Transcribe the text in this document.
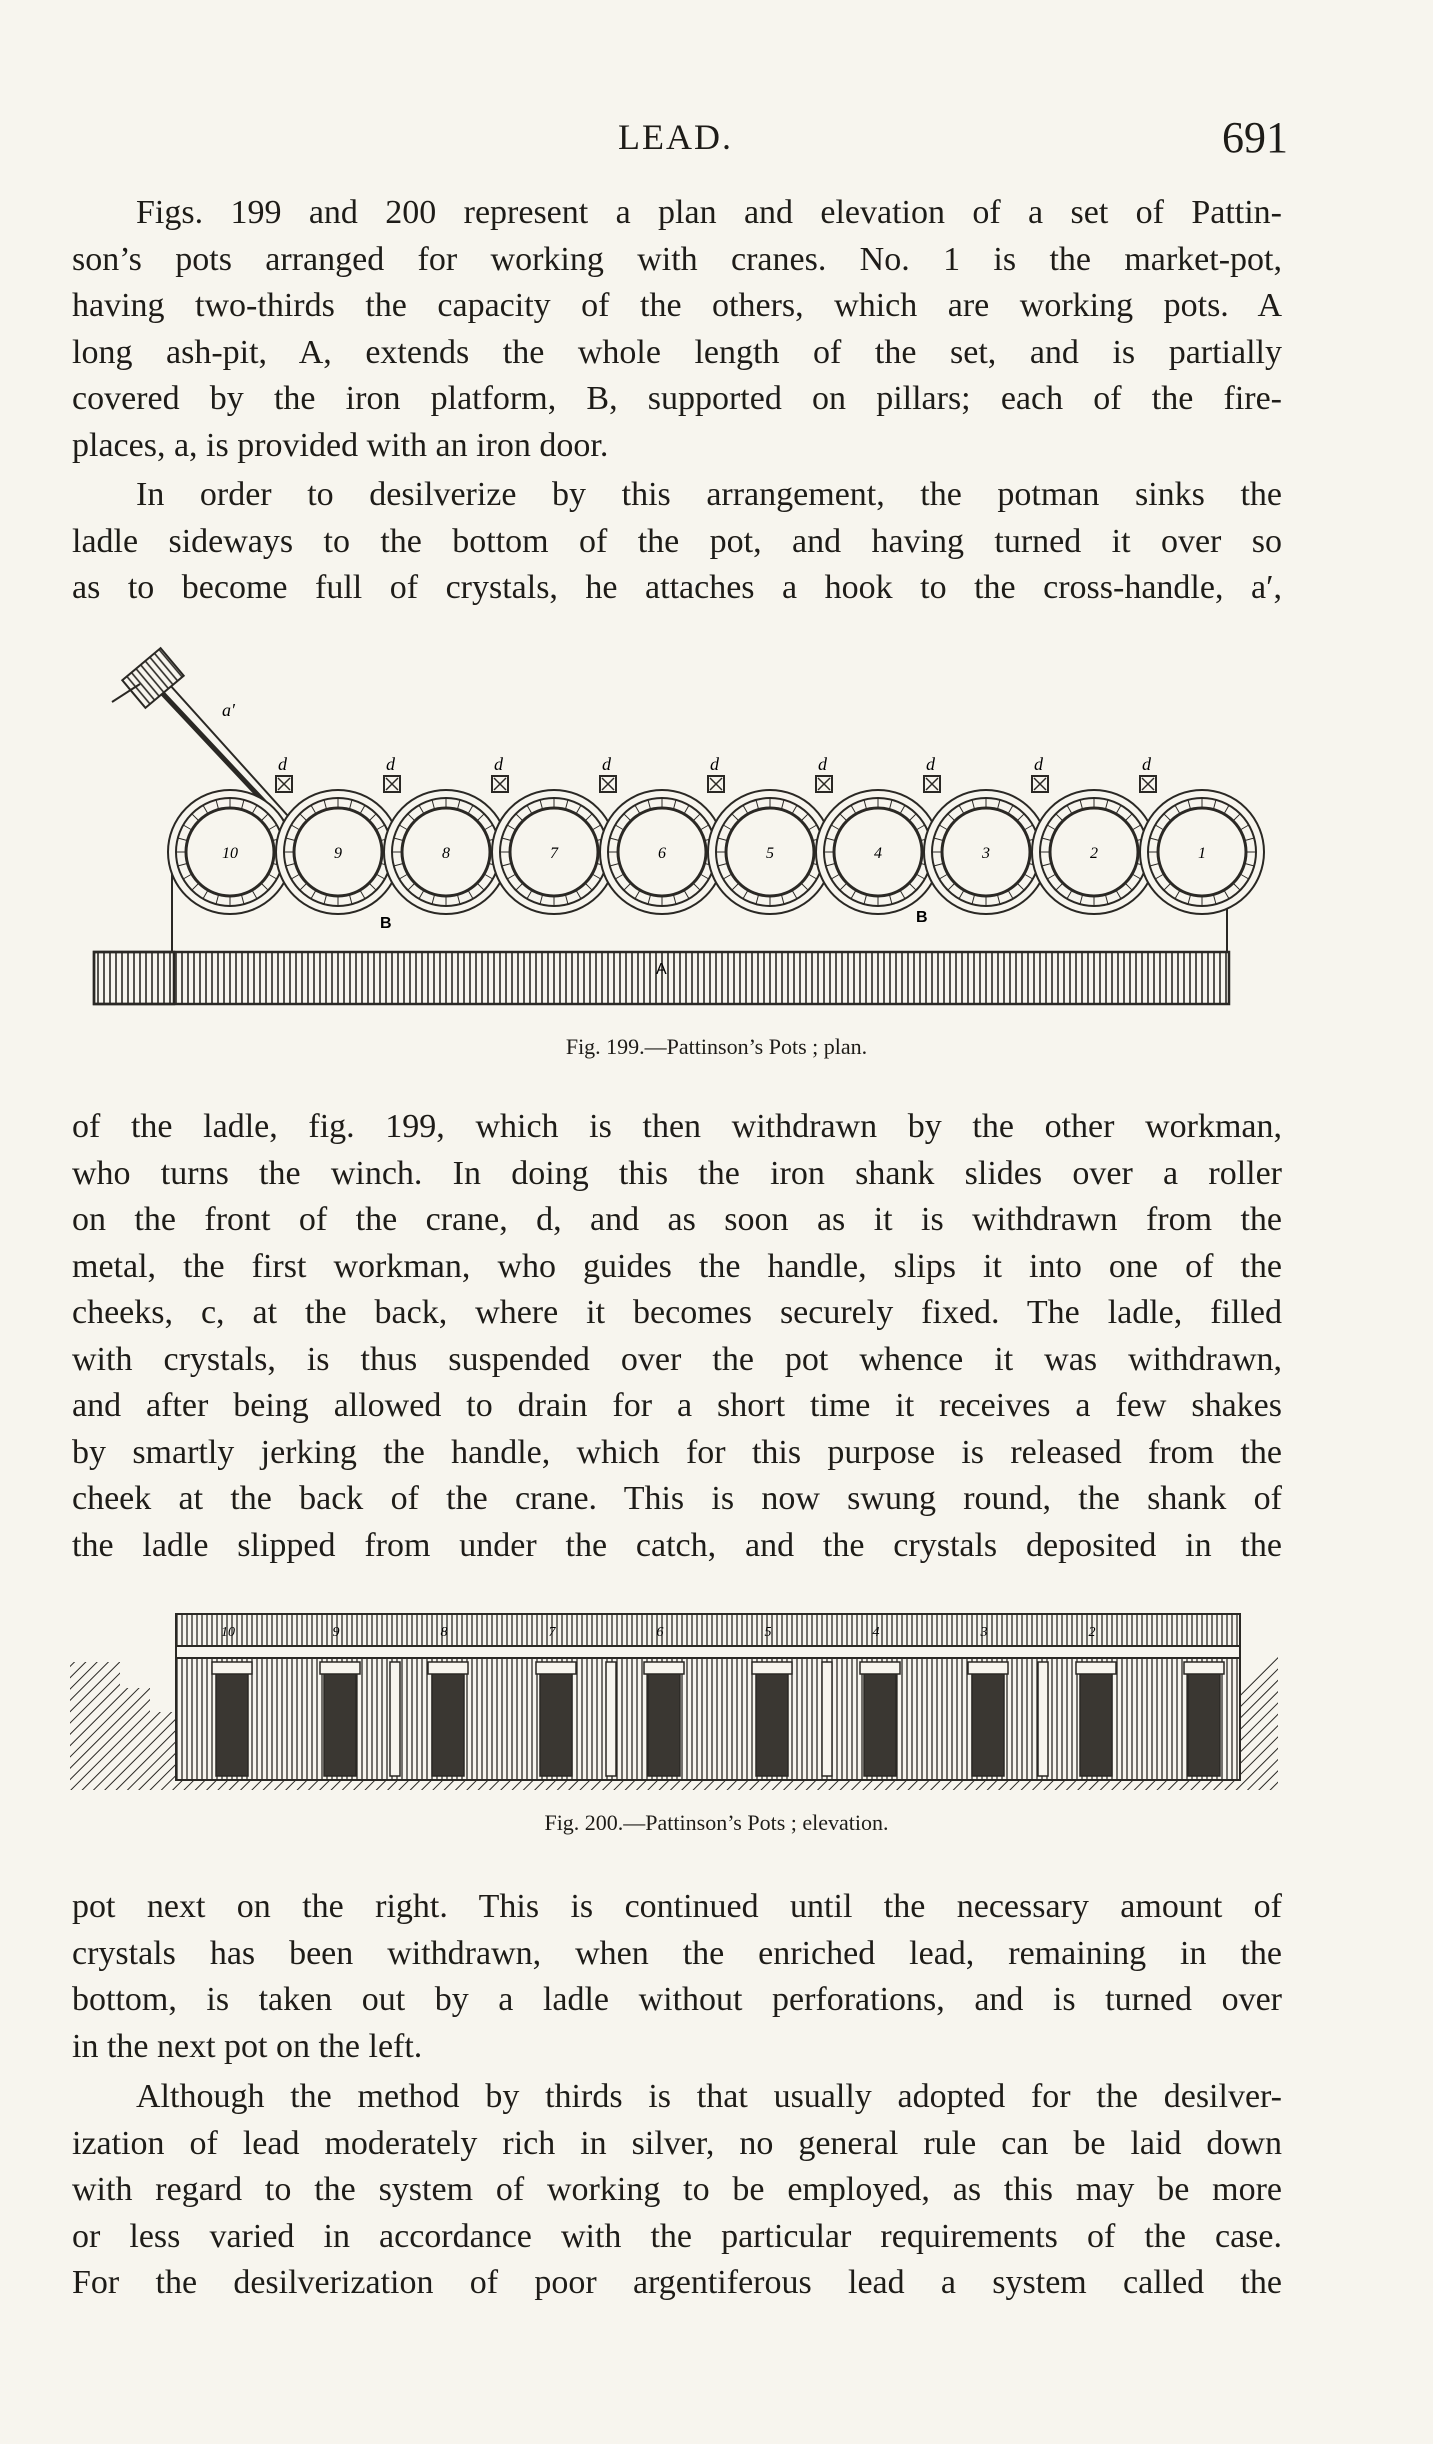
LEAD.	691

Figs. 199 and 200 represent a plan and elevation of a set of Pattin-
son’s pots arranged for working with cranes. No. 1 is the market-pot,
having two-thirds the capacity of the others, which are working pots. A
long ash-pit, A, extends the whole length of the set, and is partially
covered by the iron platform, B, supported on pillars; each of the fire-
places, a, is provided with an iron door.

In order to desilverize by this arrangement, the potman sinks the
ladle sideways to the bottom of the pot, and having turned it over so
as to become full of crystals, he attaches a hook to the cross-handle, a′,

a′
d	d	d	d	d	d	d	d	d
10	9	8	7	6	5	4	3	2	1
B	B
A
Fig. 199.—Pattinson’s Pots ; plan.

of the ladle, fig. 199, which is then withdrawn by the other workman,
who turns the winch. In doing this the iron shank slides over a roller
on the front of the crane, d, and as soon as it is withdrawn from the
metal, the first workman, who guides the handle, slips it into one of the
cheeks, c, at the back, where it becomes securely fixed. The ladle, filled
with crystals, is thus suspended over the pot whence it was withdrawn,
and after being allowed to drain for a short time it receives a few shakes
by smartly jerking the handle, which for this purpose is released from the
cheek at the back of the crane. This is now swung round, the shank of
the ladle slipped from under the catch, and the crystals deposited in the

10	9	8	7	6	5	4	3	2
Fig. 200.—Pattinson’s Pots ; elevation.

pot next on the right. This is continued until the necessary amount of
crystals has been withdrawn, when the enriched lead, remaining in the
bottom, is taken out by a ladle without perforations, and is turned over
in the next pot on the left.

Although the method by thirds is that usually adopted for the desilver-
ization of lead moderately rich in silver, no general rule can be laid down
with regard to the system of working to be employed, as this may be more
or less varied in accordance with the particular requirements of the case.
For the desilverization of poor argentiferous lead a system called the
